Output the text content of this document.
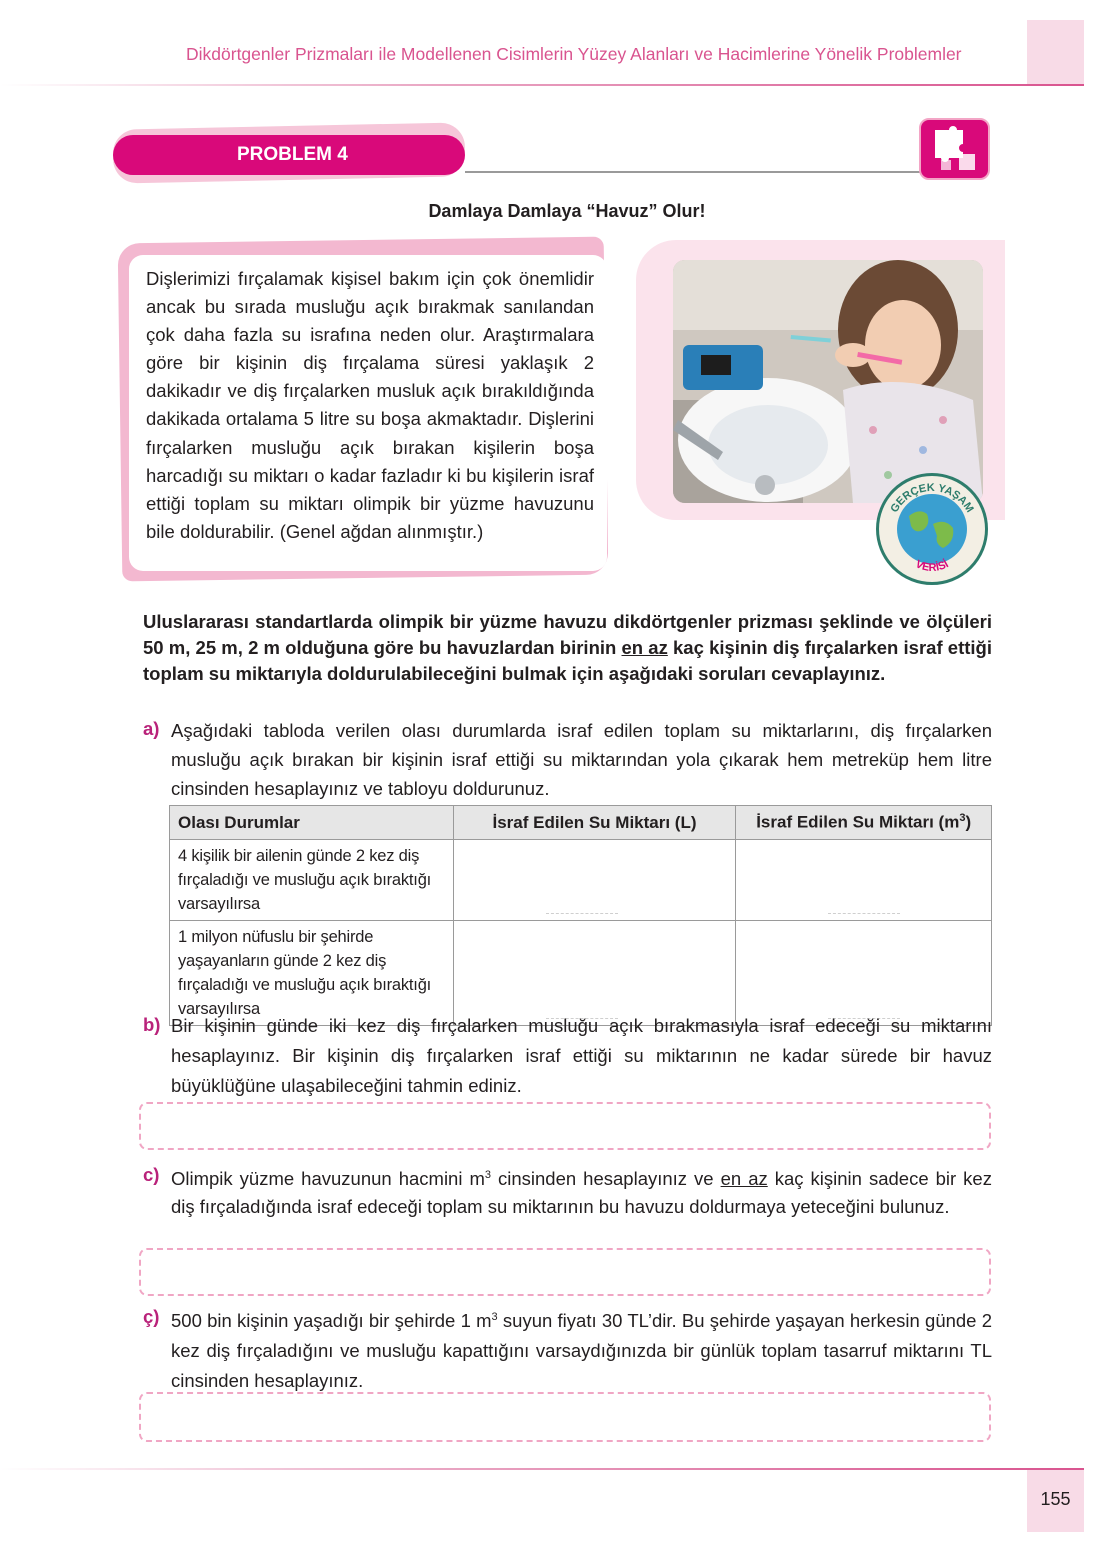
Dikdörtgenler Prizmaları ile Modellenen Cisimlerin Yüzey Alanları ve Hacimlerine Yönelik Problemler
PROBLEM 4
Damlaya Damlaya “Havuz” Olur!
Dişlerimizi fırçalamak kişisel bakım için çok önemlidir ancak bu sırada musluğu açık bırakmak sanılandan çok daha fazla su israfına neden olur. Araştırmalara göre bir kişinin diş fırçalama süresi yaklaşık 2 dakikadır ve diş fırçalarken musluk açık bırakıldığında dakikada ortalama 5 litre su boşa akmaktadır. Dişlerini fırçalarken musluğu açık bırakan kişilerin boşa harcadığı su miktarı o kadar fazladır ki bu kişilerin israf ettiği toplam su miktarı olimpik bir yüzme havuzunu bile doldurabilir. (Genel ağdan alınmıştır.)
GERÇEK YAŞAM
VERİSİ
Uluslararası standartlarda olimpik bir yüzme havuzu dikdörtgenler prizması şeklinde ve ölçüleri 50 m, 25 m, 2 m olduğuna göre bu havuzlardan birinin en az kaç kişinin diş fırçalarken israf ettiği toplam su miktarıyla doldurulabileceğini bulmak için aşağıdaki soruları cevaplayınız.
a) Aşağıdaki tabloda verilen olası durumlarda israf edilen toplam su miktarlarını, diş fırçalarken musluğu açık bırakan bir kişinin israf ettiği su miktarından yola çıkarak hem metreküp hem litre cinsinden hesaplayınız ve tabloyu doldurunuz.
Olası Durumlar	İsraf Edilen Su Miktarı (L)	İsraf Edilen Su Miktarı $(m^3)$
4 kişilik bir ailenin günde 2 kez diş fırçaladığı ve musluğu açık bıraktığı varsayılırsa	

1 milyon nüfuslu bir şehirde yaşayanların günde 2 kez diş fırçaladığı ve musluğu açık bıraktığı varsayılırsa	

b) Bir kişinin günde iki kez diş fırçalarken musluğu açık bırakmasıyla israf edeceği su miktarını hesaplayınız. Bir kişinin diş fırçalarken israf ettiği su miktarının ne kadar sürede bir havuz büyüklüğüne ulaşabileceğini tahmin ediniz.
c) Olimpik yüzme havuzunun hacmini $m^3$ cinsinden hesaplayınız ve en az kaç kişinin sadece bir kez diş fırçaladığında israf edeceği toplam su miktarının bu havuzu doldurmaya yeteceğini bulunuz.
ç) 500 bin kişinin yaşadığı bir şehirde 1 $m^3$ suyun fiyatı 30 TL’dir. Bu şehirde yaşayan herkesin günde 2 kez diş fırçaladığını ve musluğu kapattığını varsaydığınızda bir günlük toplam tasarruf miktarını TL cinsinden hesaplayınız.
155
